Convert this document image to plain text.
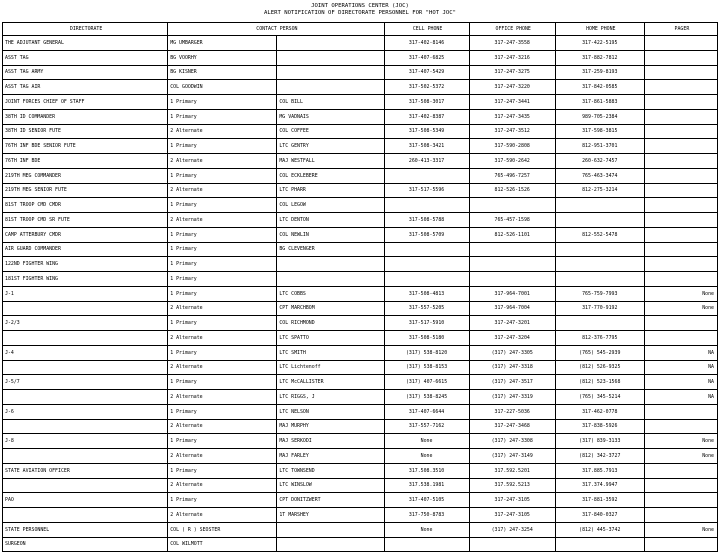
JOINT OPERATIONS CENTER (JOC)
ALERT NOTIFICATION OF DIRECTORATE PERSONNEL FOR "HOT JOC"
DIRECTORATE	CONTACT PERSON		CELL PHONE	OFFICE PHONE	HOME PHONE	PAGER
THE ADJUTANT GENERAL	MG UMBARGER		317-402-8146	317-247-3558	317-422-5195	
ASST TAG	BG VOORHY		317-407-6825	317-247-3216	317-882-7812	
ASST TAG ARMY	BG KISNER		317-407-5429	317-247-3275	317-259-8193	
ASST TAG AIR	COL GOODWIN		317-502-5372	317-247-3220	317-842-0585	
JOINT FORCES CHIEF OF STAFF	1 Primary	COL BILL	317-508-3017	317-247-3441	317-861-5883	
38TH ID COMMANDER	1 Primary	MG VADNAIS	317-402-8387	317-247-3435	989-705-2384	
38TH ID SENIOR FUTE	2 Alternate	COL COFFEE	317-508-5349	317-247-3512	317-598-3815	
76TH INF BDE SENIOR FUTE	1 Primary	LTC GENTRY	317-508-3421	317-590-2808	812-951-3701	
76TH INF BDE	2 Alternate	MAJ WESTFALL	260-413-3317	317-590-2642	260-632-7457	
219TH MEG COMMANDER	1 Primary	COL ECKLEBERE		765-496-7257	765-463-3474	
219TH MEG SENIOR FUTE	2 Alternate	LTC PHARR	317-517-5596	812-526-1526	812-275-3214	
81ST TROOP CMD CMDR	1 Primary	COL LEGOW				
81ST TROOP CMD SR FUTE	2 Alternate	LTC DENTON	317-508-5788	765-457-1598		
CAMP ATTERBURY CMDR	1 Primary	COL NEWLIN	317-508-5709	812-526-1101	812-552-5478	
AIR GUARD COMMANDER	1 Primary	BG CLEVENGER				
122ND FIGHTER WING	1 Primary					
181ST FIGHTER WING	1 Primary					
J-1	1 Primary	LTC COBBS	317-508-4813	317-964-7001	765-759-7993	None
	2 Alternate	CPT MARCHBOM	317-557-5205	317-964-7004	317-770-9192	None
J-2/3	1 Primary	COL RICHMOND	317-517-5910	317-247-3201		
	2 Alternate	LTC SPATTO	317-508-5180	317-247-3204	812-376-7795	
J-4	1 Primary	LTC SMITH	(317) 538-8120	(317) 247-3305	(765) 545-2939	NA
	2 Alternate	LTC Lichtenoff	(317) 538-8153	(317) 247-3318	(812) 526-9325	NA
J-5/7	1 Primary	LTC McCALLISTER	(317) 407-6615	(317) 247-3517	(812) 523-1568	NA
	2 Alternate	LTC RIGGS, J	(317) 538-8245	(317) 247-3319	(765) 345-5214	NA
J-6	1 Primary	LTC NELSON	317-407-6644	317-227-5036	317-462-0778	
	2 Alternate	MAJ MURPHY	317-557-7162	317-247-3468	317-838-5926	
J-8	1 Primary	MAJ SERKODI	None	(317) 247-3308	(317) 839-3133	None
	2 Alternate	MAJ FARLEY	None	(317) 247-3149	(812) 342-3727	None
STATE AVIATION OFFICER	1 Primary	LTC TOWNSEND	317.508.3510	317.592.5201	317.885.7913	
	2 Alternate	LTC WINSLOW	317.538.1981	317.592.5213	317.374.9947	
PAO	1 Primary	CPT DONITZWERT	317-407-5105	317-247-3105	317-881-3592	
	2 Alternate	1T MARSHEY	317-750-8783	317-247-3105	317-840-0327	
STATE PERSONNEL	COL ( R ) SEOSTER		None	(317) 247-3254	(812) 445-3742	None
SURGEON	COL WILMOTT					
